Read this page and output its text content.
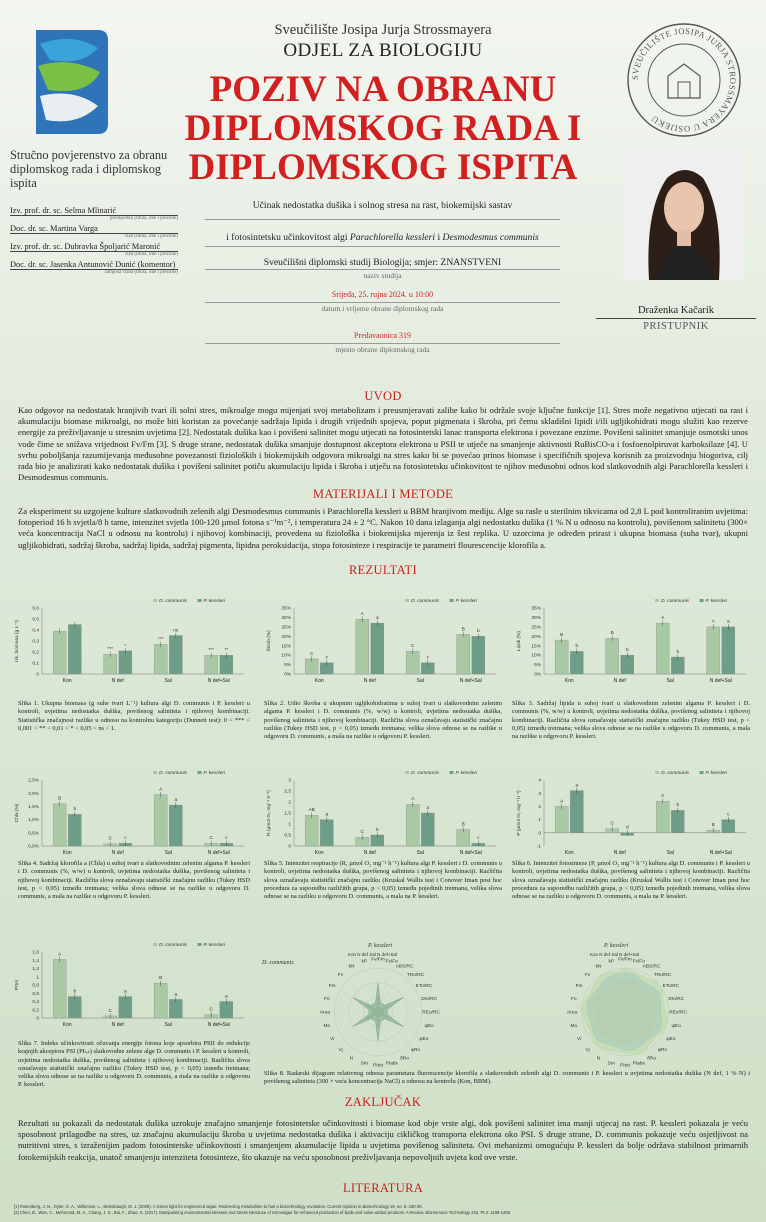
Sveučilište Josipa Jurja Strossmayera
ODJEL ZA BIOLOGIJU
POZIV NA OBRANU
DIPLOMSKOG RADA I
DIPLOMSKOG ISPITA
SVEUČILIŠTE JOSIPA JURJA STROSSMAYERA U OSIJEKU
Stručno povjerenstvo za obranu diplomskog rada i diplomskog ispita
Izv. prof. dr. sc. Selma Mlinarić
predsjednik (titula, ime i prezime)
Doc. dr. sc. Martina Varga
član (titula, ime i prezime)
Izv. prof. dr. sc. Dubravka Špoljarić Maronić
član (titula, ime i prezime)
Doc. dr. sc. Jasenka Antunović Dunić (komentor)
zamjena člana (titula, ime i prezime)
Učinak nedostatka dušika i solnog stresa na rast, biokemijski sastav
i fotosintetsku učinkovitost algi Parachlorella kessleri i Desmodesmus communis
Sveučilišni diplomski studij Biologija; smjer: ZNANSTVENI
naziv studija
Srijeda, 25. rujna 2024. u 10:00
datum i vrijeme obrane diplomskog rada
Predavaonica 319
mjesto obrane diplomskog rada
Draženka Kačarik
PRISTUPNIK
UVOD
Kao odgovor na nedostatak hranjivih tvari ili solni stres, mikroalge mogu mijenjati svoj metabolizam i preusmjeravati zalihe kako bi održale svoje ključne funkcije [1]. Stres može negativno utjecati na rast i akumulaciju biomase mikroalgi, no može biti koristan za povećanje sadržaja lipida i drugih vrijednih spojeva, poput pigmenata i škroba, pri čemu skladišni lipidi i/ili ugljikohidrati mogu služiti kao rezerve energije za preživljavanje u stresnim uvjetima [2]. Nedostatak dušika kao i povišeni salinitet mogu utjecati na fotosintetski lanac transporta elektrona i povezane enzime. Povišeni salinitet smanjuje osmotski unos vode čime se snižava vrijednost Fv/Fm [3]. S druge strane, nedostatak dušika smanjuje dostupnost akceptora elektrona u PSII te utječe na smanjenje aktivnosti RuBisCO-a i fosfoenolpiruvat karboksilaze [4]. U svrhu poboljšanja razumijevanja međusobne povezanosti fizioloških i biokemijskih odgovora mikroalgi na stres kako bi se povećao prinos biomase i specifičnih spojeva korisnih za proizvodnju biogoriva, cilj rada bio je analizirati kako nedostatak dušika i povišeni salinitet potiču akumulaciju lipida i škroba i utječu na fotosintetsku učinkovitost te njihov međusobni odnos kod slatkovodnih algi Parachlorella kessleri i Desmodesmus communis.
MATERIJALI I METODE
Za eksperiment su uzgojene kulture slatkovodnih zelenih algi Desmodesmus communis i Parachlorella kessleri u BBM hranjivom mediju. Alge su rasle u sterilnim tikvicama od 2,8 L pod kontroliranim uvjetima: fotoperiod 16 h svjetla/8 h tame, intenzitet svjetla 100-120 µmol fotona s⁻¹m⁻², i temperatura 24 ± 2 °C. Nakon 10 dana izlaganja algi nedostatku dušika (1 % N u odnosu na kontrolu), povišenom salinitetu (300× veća koncentracija NaCl u odnosu na kontrolu) i njihovoj kombinaciji, provedena su fiziološka i biokemijska mjerenja iz šest replika. U uzorcima je određen prirast i ukupna biomasa (suha tvar), ukupni ugljikohidrati, sadržaj škroba, sadržaj lipida, sadržaj pigmenta, lipidna peroksidacija, stopa fotosinteze i respiracije te parametri flourescencije klorofila a.
REZULTATI
0
0,1
0,2
0,3
0,4
0,5
0,6
Uk. biomasa (g L⁻¹)
D. communis	P. kessleri
Kon	N def
***
*
Sal
***
ns
N def+Sal
*** **
0%
5%
10%
15%
20%
25%
30%
35%
Škrob (%)
D. communis	P. kessleri
Kon
C
c
N def
A
a
Sal
C
c
N def+Sal
B	b
0%
5%
10%
15%
20%
25%
30%
35%
Lipidi (%)
D. communis	P. kessleri
Kon
B
b
N def
B
b
Sal
A
b
N def+Sal
A	a
Slika 1. Ukupna biomasa (g suhe tvari L⁻¹) kultura algi D. communis i P. kessleri u kontroli, uvjetima nedostatka dušika, povišenog saliniteta i njihovoj kombinaciji. Statistička značajnost razlike u odnosu na kontrolnu kategoriju (Dunnett test): 0 < *** < 0,001 < ** < 0,01 < * < 0,05 < ns < 1.
Slika 2. Udio škroba u ukupnim ugljikohidratima u suhoj tvari u slatkovodnim zelenim algama P. kessleri i D. communis (%, w/w) u kontroli, uvjetima nedostatka dušika, povišenog saliniteta i njihovoj kombinaciji. Različita slova označavaju statistički značajnu razliku (Tukey HSD test, p < 0,05) između tretmana; velika slova odnose se na razlike u odgovoru D. communis, a mala na razlike u odgovoru P. kessleri.
Slika 3. Sadržaj lipida u suhoj tvari u slatkovodnim zelenim algama P. kessleri i D. communis (%, w/w) u kontroli, uvjetima nedostatka dušika, povišenog saliniteta i njihovoj kombinaciji. Različita slova označavaju statistički značajnu razliku (Tukey HSD test, p < 0,05) između tretmana; velika slova odnose se na razlike u odgovoru D. communis, a mala na razlike u odgovoru P. kessleri.
0,0%
0,5%
1,0%
1,5%
2,0%
2,5%
Chla (%)
D. communis	P. kessleri
Kon
B
b
N def
C	c
Sal
A
a
N def+Sal
C	c
0
0,5
1
1,5
2
2,5
3
R (µmol O₂ mg⁻¹ h⁻¹)
D. communis	P. kessleri
Kon
AB
a
N def
C	b
Sal
A
a
N def+Sal
B
c
-1
0
1
2
3
4
P (µmol O₂ mg⁻¹ h⁻¹)
D. communis	P. kessleri
Kon
A
a
N def
C
d
Sal
A
b
N def+Sal
B
c
Slika 4. Sadržaj klorofila a (Chla) u suhoj tvari u slatkovodnim zelenim algama P. kessleri i D. communis (%, w/w) u kontroli, uvjetima nedostatka dušika, povišenog saliniteta i njihovoj kombinaciji. Različita slova označavaju statistički značajnu razliku (Tukey HSD test, p < 0,05) između tretmana; velika slova odnose se na razlike u odgovoru D. communis, a mala na razlike u odgovoru P. kessleri.
Slika 5. Intenzitet respiracije (R, µmol O₂ mg⁻¹ h⁻¹) kultura algi P. kessleri i D. communis u kontroli, uvjetima nedostatka dušika, povišenog saliniteta i njihovoj kombinaciji. Različita slova označavaju statistički značajnu razliku (Kruskal Wallis test i Conover Iman post hoc procedura za usporedbu različitih grupa, p < 0,05) između pojedinih tretmana, velika slova odnose se na razliku u odgovoru D. communis, a mala na P. kessleri.
Slika 6. Intenzitet fotosinteze (P, µmol O₂ mg⁻¹ h⁻¹) kultura algi D. communis i P. kessleri u kontroli, uvjetima nedostatka dušika, povišenog saliniteta i njihovoj kombinaciji. Različita slova označavaju statistički značajnu razliku (Kruskal Wallis test i Conover Iman post hoc procedura za usporedbu različitih grupa, p < 0,05) između pojedinih tretmana, velika slova odnose se na razliku u odgovoru D. communis, a mala na P. kessleri.
0
0,2
0,4
0,6
0,8
1
1,2
1,4
1,6
PItot
D. communis	P. kessleri
Kon
A
b
N def
C
a
Sal
B
a
N def+Sal
C
a
Slika 7. Indeks učinkovitosti očuvanja energije fotona koje apsorbira PSII do redukcije krajnjih akceptora PSI (PIₜₒₜ) slatkovodne zelene alge D. communis i P. kessleri u kontroli, uvjetima nedostatka dušika, povišenog saliniteta i njihovoj kombinaciji. Različita slova označavaju statistički značajnu razliku (Tukey HSD test, p < 0,05) između tretmana; velika slova odnose se na razlike u odgovoru D. communis, a mala na razlike u odgovoru P. kessleri.
D. communis
P. kessleri
Kon N def Sal N def+Sal
Fv/Fm Fv/Fo
ABS/RC
TRo/RC
ETo/RC
DIo/RC
REo/RC
ψEo
φEo
φRo
δRo
PIabs
PItot
Sm
N
Vj
Vi
Mo
Area
Fo
Fm
Fv
kN
kP
P. kessleri
Kon N def Sal N def+Sal
Fv/Fm Fv/Fo
ABS/RC
TRo/RC
ETo/RC
DIo/RC
REo/RC
ψEo
φEo
φRo
δRo
PIabs
PItot
Sm
N
Vj
Vi
Mo
Area
Fo
Fm
Fv
kN
kP
Slika 8. Radarski dijagram relativnog odnosa parametara fluorescencije klorofila a slatkovodnih zelenih algi D. communis i P. kessleri u uvjetima nedostatka dušika (N def, 1 % N) i povišenog saliniteta (300 × veća koncentracija NaCl) u odnosu na kontrolu (Kon, BBM).
ZAKLJUČAK
Rezultati su pokazali da nedostatak dušika uzrokuje značajno smanjenje fotosintetske učinkovitosti i biomase kod obje vrste algi, dok povišeni salinitet ima manji utjecaj na rast. P. kessleri pokazala je veću sposobnost prilagodbe na stres, uz značajnu akumulaciju škroba u uvjetima nedostatka dušika i aktivaciju cikličkog transporta elektrona oko PSI. S druge strane, D. communis pokazuje veću osjetljivost na nutritivni stres, s izraženijim padom fotosintetske učinkovitosti i smanjenjem akumulacije lipida u uvjetima povišenog saliniteta. Ovi mehanizmi omogućuju P. kessleri da bolje održava stabilnost primarnih fotokemijskih reakcija, unatoč smanjenju intenziteta fotosinteze, što ukazuje na veću sposobnost preživljavanja nepovoljnih uvjeta kod ove vrste.
LITERATURA
[1] Rosenberg, J. N., Oyler, G. A., Wilkinson, L., Betenbaugh, M. J. (2008). A Green light for engineered algae: Redirecting metabolism to fuel a biotechnology revolution. Current Opinion in Biotechnology 19, no. 5: 430-36.
[2] Chen, B., Wan, C., Mehmood, M. A., Chang, J. S., Bai, F., Zhao, X. (2017). Manipulating environmental stresses and stress tolerance of microalgae for enhanced production of lipids and value-added products: A Review. Bioresource Technology 244, Pt 2: 1198-1206.
